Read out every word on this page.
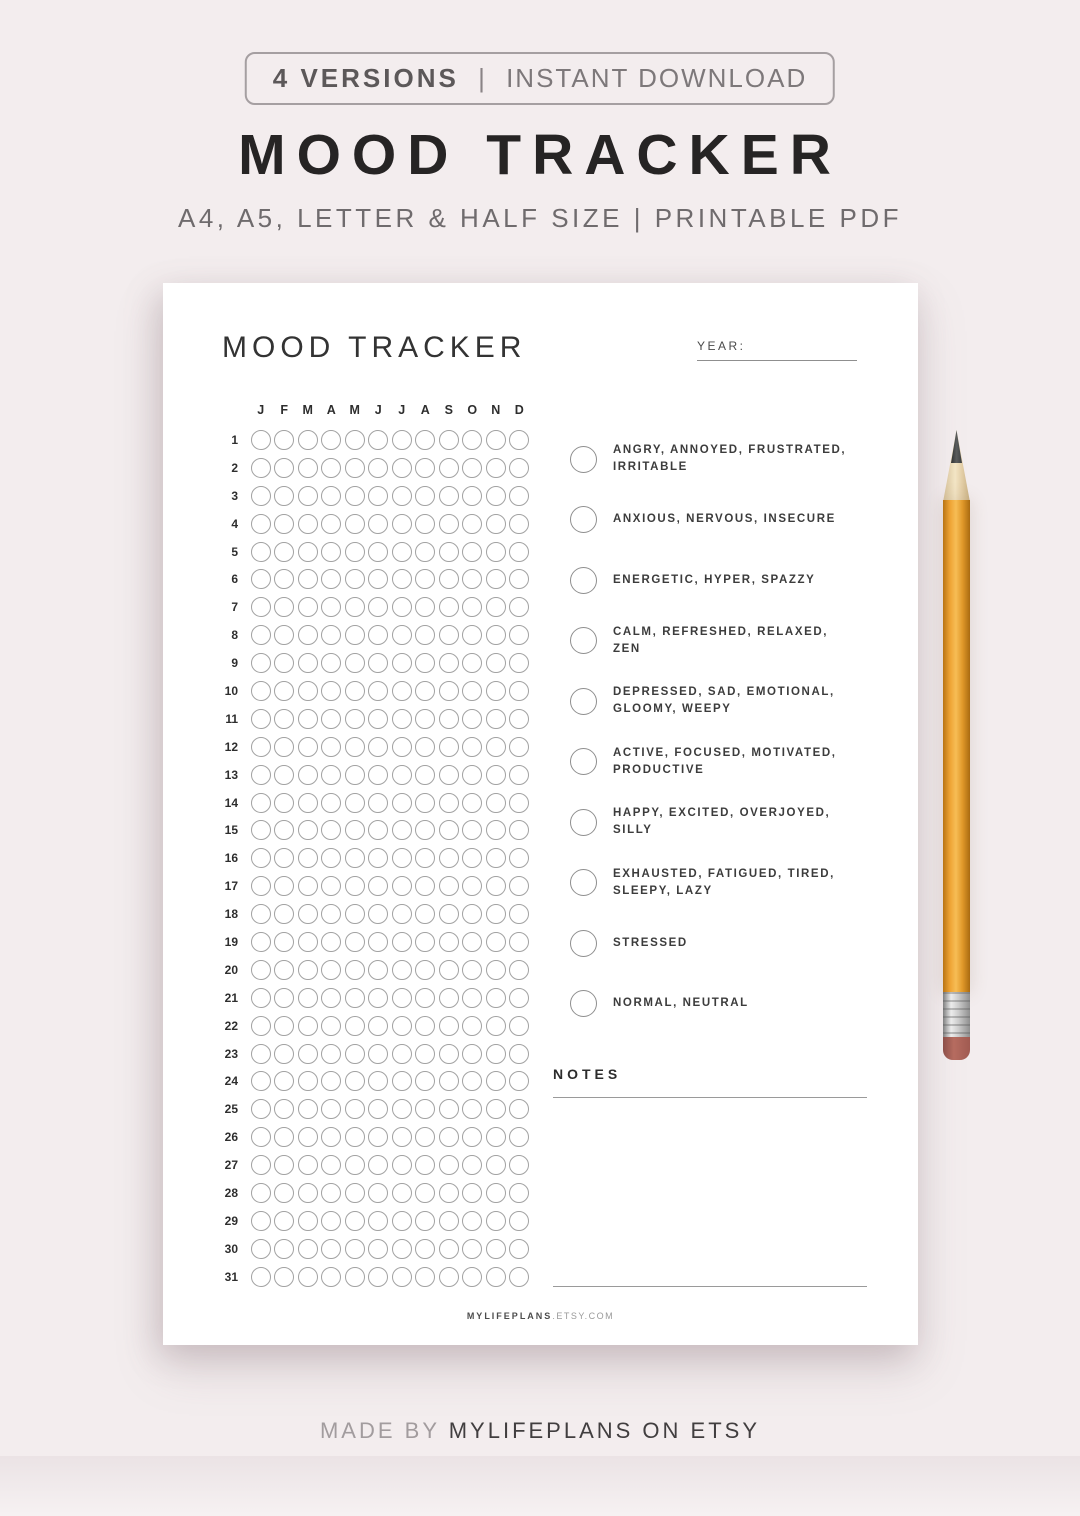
4 VERSIONS | INSTANT DOWNLOAD
MOOD TRACKER
A4, A5, LETTER & HALF SIZE | PRINTABLE PDF
MOOD TRACKER	YEAR:
J	F	M	A	M	J	J	A	S	O	N	D
1
2
3
4
5
6
7
8
9
10
11
12
13
14
15
16
17
18
19
20
21
22
23
24
25
26
27
28
29
30
31
ANGRY, ANNOYED, FRUSTRATED,
IRRITABLE
ANXIOUS, NERVOUS, INSECURE
ENERGETIC, HYPER, SPAZZY
CALM, REFRESHED, RELAXED,
ZEN
DEPRESSED, SAD, EMOTIONAL,
GLOOMY, WEEPY
ACTIVE, FOCUSED, MOTIVATED,
PRODUCTIVE
HAPPY, EXCITED, OVERJOYED,
SILLY
EXHAUSTED, FATIGUED, TIRED,
SLEEPY, LAZY
STRESSED
NORMAL, NEUTRAL
NOTES
MYLIFEPLANS.ETSY.COM
MADE BY MYLIFEPLANS ON ETSY
